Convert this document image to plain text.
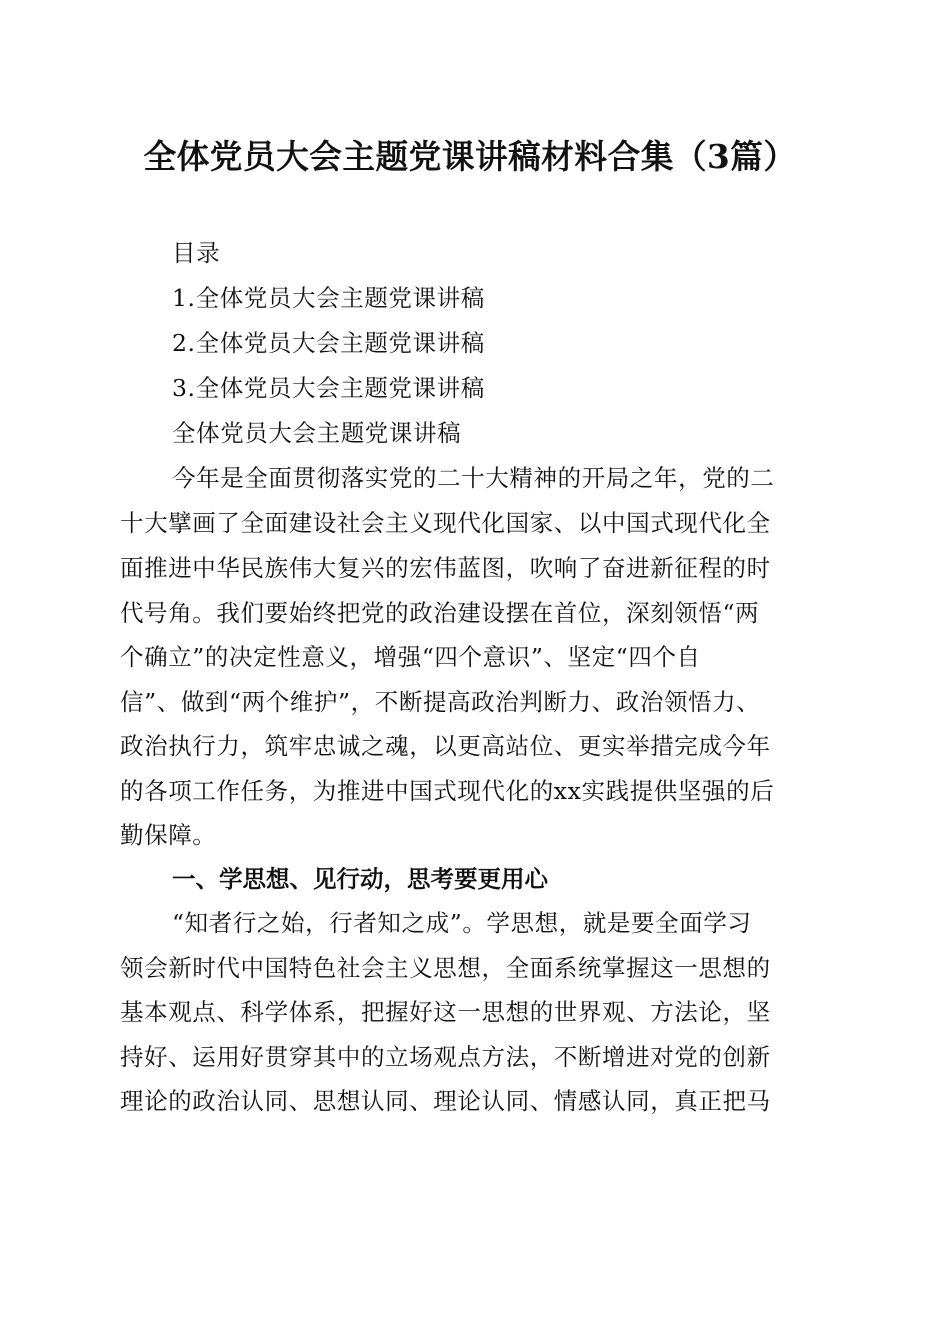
全体党员大会主题党课讲稿材料合集（3篇）
目录
1.全体党员大会主题党课讲稿
2.全体党员大会主题党课讲稿
3.全体党员大会主题党课讲稿
全体党员大会主题党课讲稿
今年是全面贯彻落实党的二十大精神的开局之年，党的二
十大擘画了全面建设社会主义现代化国家、以中国式现代化全
面推进中华民族伟大复兴的宏伟蓝图，吹响了奋进新征程的时
代号角。我们要始终把党的政治建设摆在首位，深刻领悟“两
个确立”的决定性意义，增强“四个意识”、坚定“四个自
信”、做到“两个维护”，不断提高政治判断力、政治领悟力、
政治执行力，筑牢忠诚之魂，以更高站位、更实举措完成今年
的各项工作任务，为推进中国式现代化的xx实践提供坚强的后
勤保障。
一、学思想、见行动，思考要更用心
“知者行之始，行者知之成”。学思想，就是要全面学习
领会新时代中国特色社会主义思想，全面系统掌握这一思想的
基本观点、科学体系，把握好这一思想的世界观、方法论，坚
持好、运用好贯穿其中的立场观点方法，不断增进对党的创新
理论的政治认同、思想认同、理论认同、情感认同，真正把马
